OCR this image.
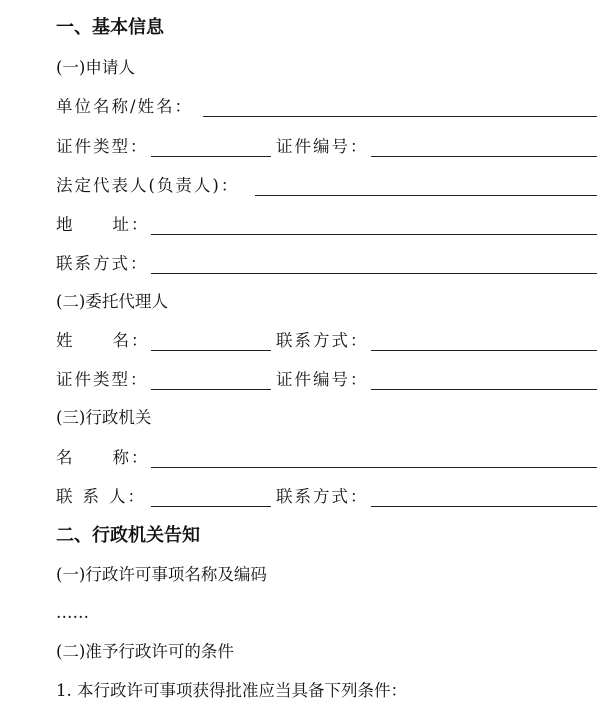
一、基本信息
(一)申请人
单位名称/姓名：
证件类型：	证件编号：
法定代表人(负责人)：
地 址：
联系方式：
(二)委托代理人
姓 名：	联系方式：
证件类型：	证件编号：
(三)行政机关
名 称：
联 系 人：	联系方式：
二、行政机关告知
(一)行政许可事项名称及编码
……
(二)准予行政许可的条件
1. 本行政许可事项获得批准应当具备下列条件：
